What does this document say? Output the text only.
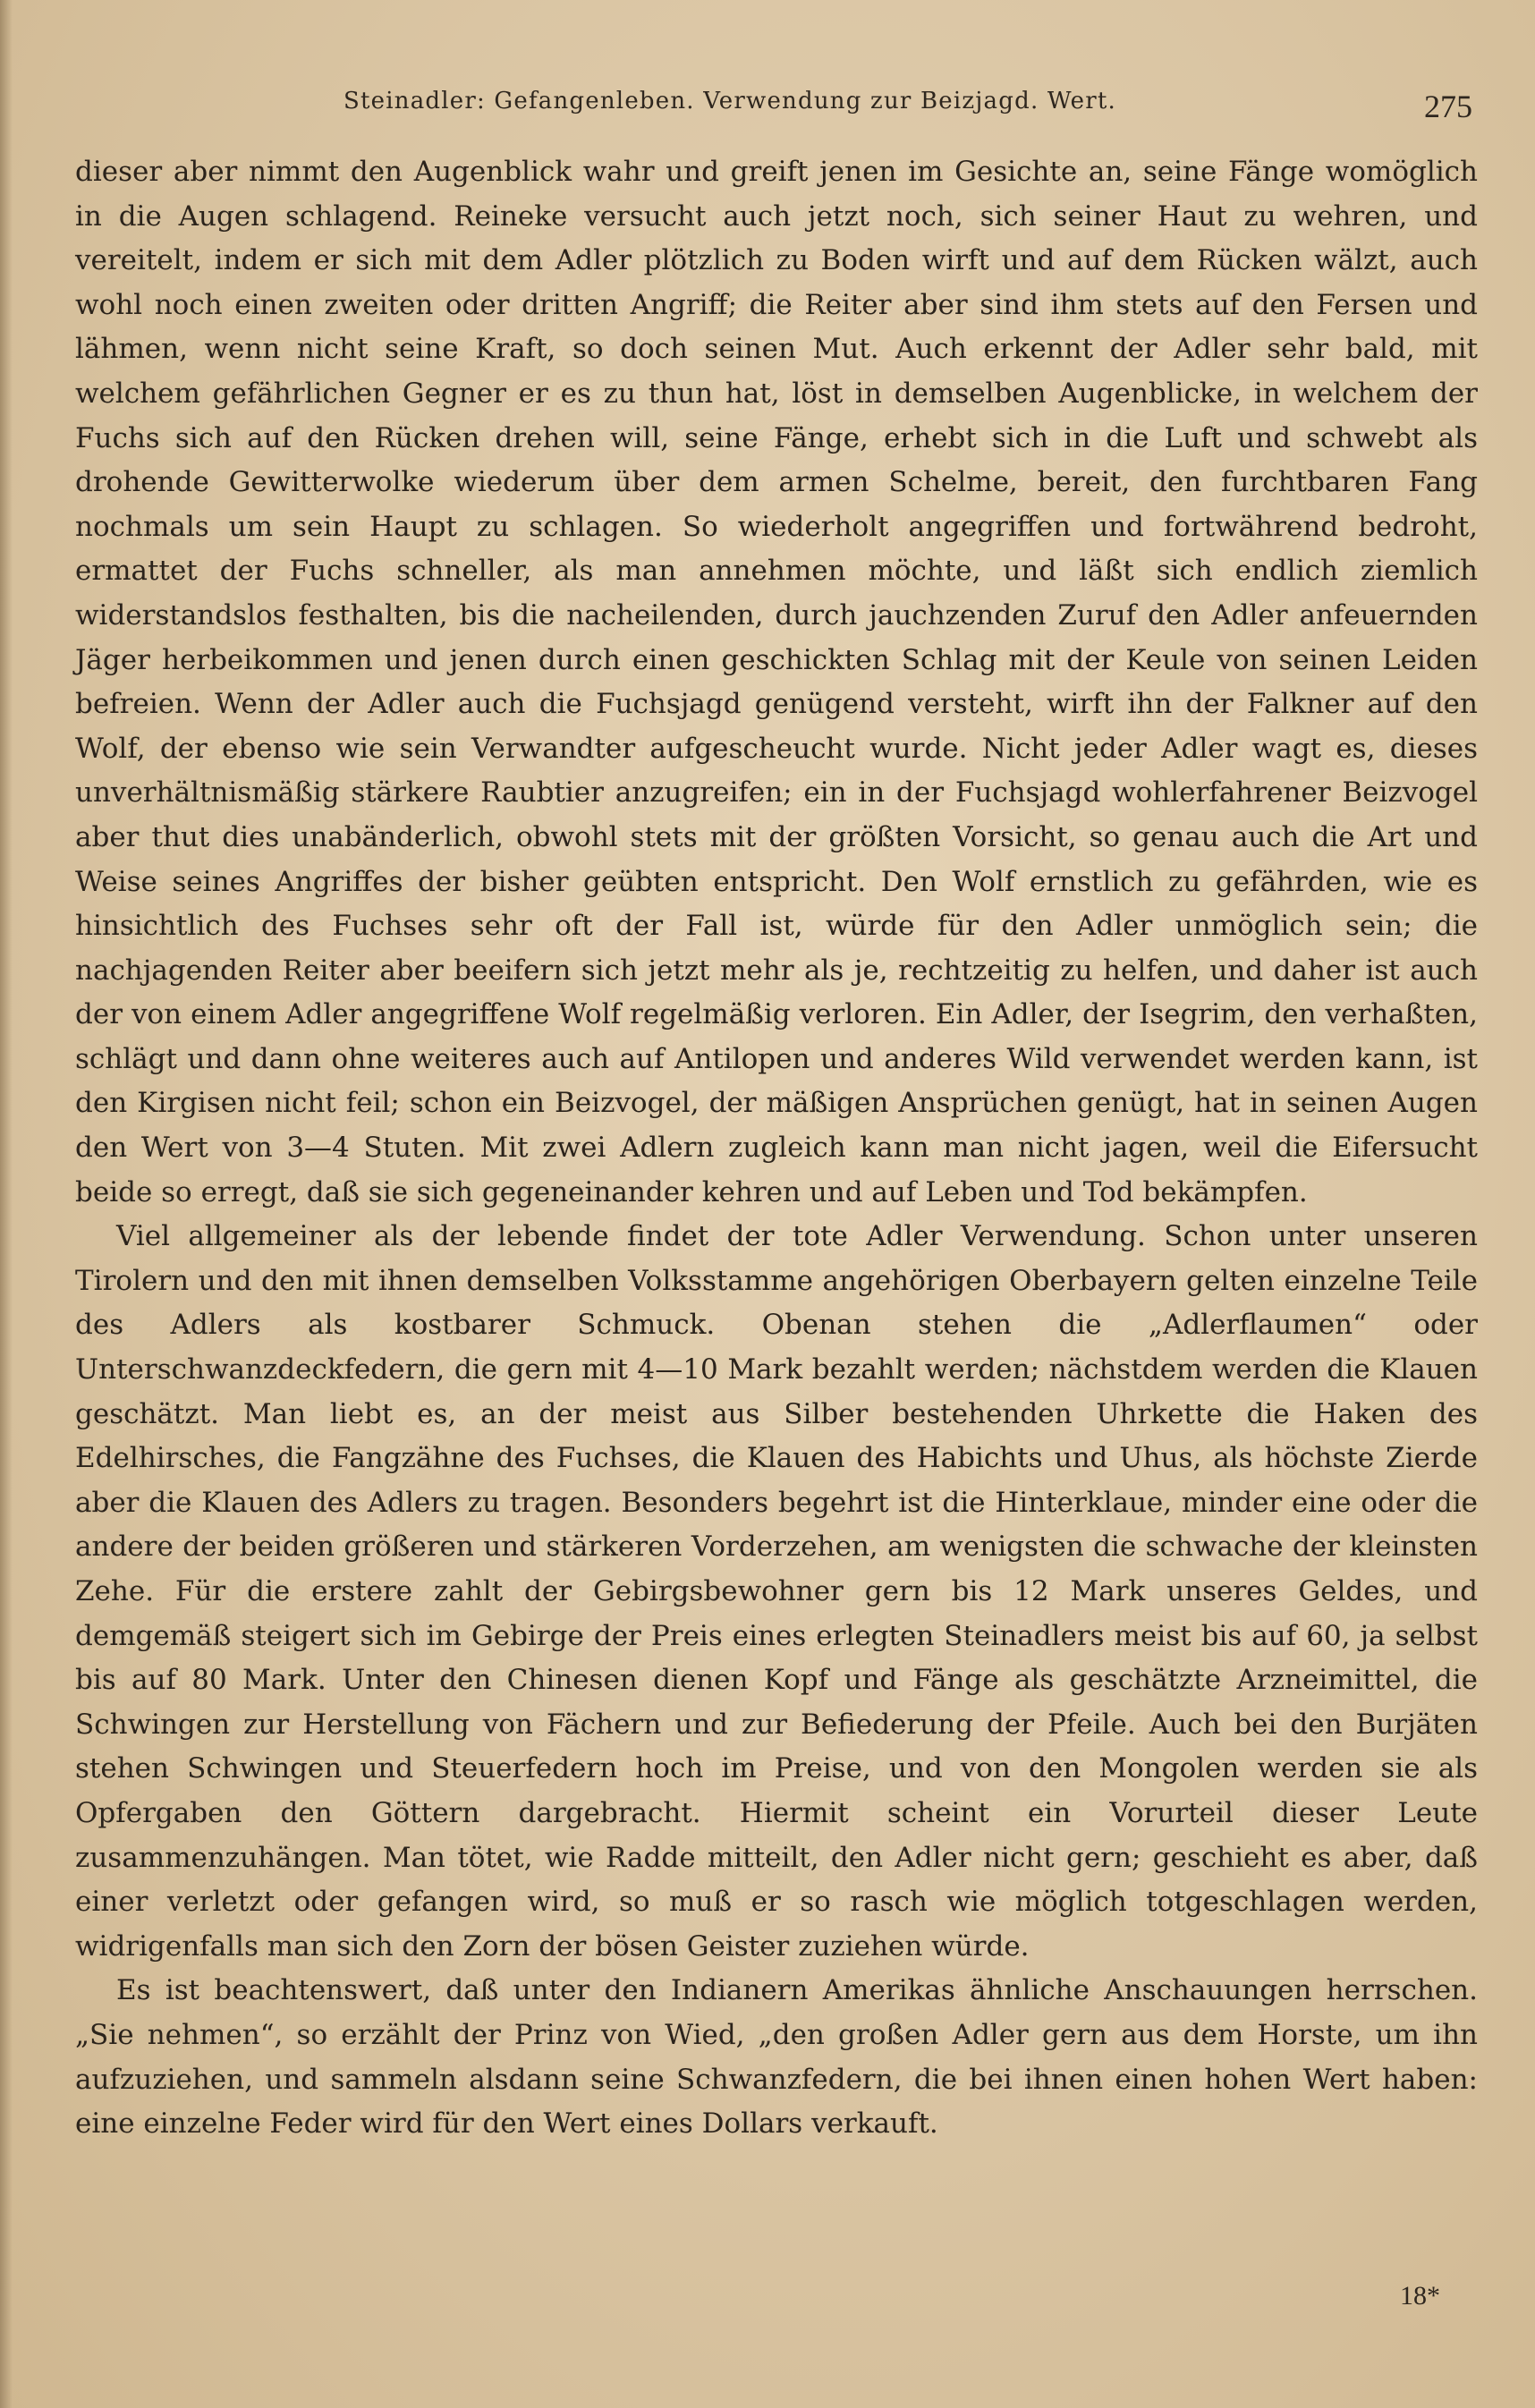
Steinadler: Gefangenleben. Verwendung zur Beizjagd. Wert.	275

dieser aber nimmt den Augenblick wahr und greift jenen im Gesichte an, seine Fänge womöglich in die Augen schlagend. Reineke versucht auch jetzt noch, sich seiner Haut zu wehren, und vereitelt, indem er sich mit dem Adler plötzlich zu Boden wirft und auf dem Rücken wälzt, auch wohl noch einen zweiten oder dritten Angriff; die Reiter aber sind ihm stets auf den Fersen und lähmen, wenn nicht seine Kraft, so doch seinen Mut. Auch erkennt der Adler sehr bald, mit welchem gefährlichen Gegner er es zu thun hat, löst in demselben Augenblicke, in welchem der Fuchs sich auf den Rücken drehen will, seine Fänge, erhebt sich in die Luft und schwebt als drohende Gewitterwolke wiederum über dem armen Schelme, bereit, den furchtbaren Fang nochmals um sein Haupt zu schlagen. So wiederholt angegriffen und fortwährend bedroht, ermattet der Fuchs schneller, als man annehmen möchte, und läßt sich endlich ziemlich widerstandslos festhalten, bis die nacheilenden, durch jauchzenden Zuruf den Adler anfeuernden Jäger herbeikommen und jenen durch einen geschickten Schlag mit der Keule von seinen Leiden befreien. Wenn der Adler auch die Fuchsjagd genügend versteht, wirft ihn der Falkner auf den Wolf, der ebenso wie sein Verwandter aufgescheucht wurde. Nicht jeder Adler wagt es, dieses unverhältnismäßig stärkere Raubtier anzugreifen; ein in der Fuchsjagd wohlerfahrener Beizvogel aber thut dies unabänderlich, obwohl stets mit der größten Vorsicht, so genau auch die Art und Weise seines Angriffes der bisher geübten entspricht. Den Wolf ernstlich zu gefährden, wie es hinsichtlich des Fuchses sehr oft der Fall ist, würde für den Adler unmöglich sein; die nachjagenden Reiter aber beeifern sich jetzt mehr als je, rechtzeitig zu helfen, und daher ist auch der von einem Adler angegriffene Wolf regelmäßig verloren. Ein Adler, der Isegrim, den verhaßten, schlägt und dann ohne weiteres auch auf Antilopen und anderes Wild verwendet werden kann, ist den Kirgisen nicht feil; schon ein Beizvogel, der mäßigen Ansprüchen genügt, hat in seinen Augen den Wert von 3—4 Stuten. Mit zwei Adlern zugleich kann man nicht jagen, weil die Eifersucht beide so erregt, daß sie sich gegeneinander kehren und auf Leben und Tod bekämpfen.

Viel allgemeiner als der lebende findet der tote Adler Verwendung. Schon unter unseren Tirolern und den mit ihnen demselben Volksstamme angehörigen Oberbayern gelten einzelne Teile des Adlers als kostbarer Schmuck. Obenan stehen die „Adlerflaumen“ oder Unterschwanzdeckfedern, die gern mit 4—10 Mark bezahlt werden; nächstdem werden die Klauen geschätzt. Man liebt es, an der meist aus Silber bestehenden Uhrkette die Haken des Edelhirsches, die Fangzähne des Fuchses, die Klauen des Habichts und Uhus, als höchste Zierde aber die Klauen des Adlers zu tragen. Besonders begehrt ist die Hinterklaue, minder eine oder die andere der beiden größeren und stärkeren Vorderzehen, am wenigsten die schwache der kleinsten Zehe. Für die erstere zahlt der Gebirgsbewohner gern bis 12 Mark unseres Geldes, und demgemäß steigert sich im Gebirge der Preis eines erlegten Steinadlers meist bis auf 60, ja selbst bis auf 80 Mark. Unter den Chinesen dienen Kopf und Fänge als geschätzte Arzneimittel, die Schwingen zur Herstellung von Fächern und zur Befiederung der Pfeile. Auch bei den Burjäten stehen Schwingen und Steuerfedern hoch im Preise, und von den Mongolen werden sie als Opfergaben den Göttern dargebracht. Hiermit scheint ein Vorurteil dieser Leute zusammenzuhängen. Man tötet, wie Radde mitteilt, den Adler nicht gern; geschieht es aber, daß einer verletzt oder gefangen wird, so muß er so rasch wie möglich totgeschlagen werden, widrigenfalls man sich den Zorn der bösen Geister zuziehen würde.

Es ist beachtenswert, daß unter den Indianern Amerikas ähnliche Anschauungen herrschen. „Sie nehmen“, so erzählt der Prinz von Wied, „den großen Adler gern aus dem Horste, um ihn aufzuziehen, und sammeln alsdann seine Schwanzfedern, die bei ihnen einen hohen Wert haben: eine einzelne Feder wird für den Wert eines Dollars verkauft.

18*
